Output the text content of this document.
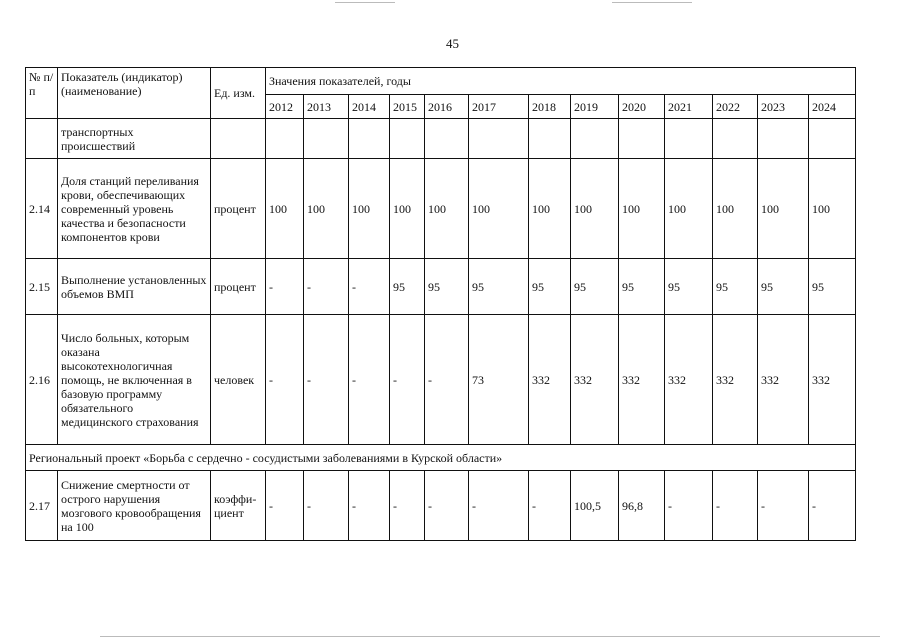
45
№ п/п	Показатель (индикатор) (наименование)	Ед. изм.	Значения показателей, годы												
			2012	2013	2014	2015	2016	2017	2018	2019	2020	2021	2022	2023	2024
	транспортных происшествий														
2.14	Доля станций переливания крови, обеспечивающих современный уровень качества и безопасности компонентов крови	процент	100	100	100	100	100	100	100	100	100	100	100	100	100
2.15	Выполнение установленных объемов ВМП	процент	-	-	-	95	95	95	95	95	95	95	95	95	95
2.16	Число больных, которым оказана высокотехнологичная помощь, не включенная в базовую программу обязательного медицинского страхования	человек	-	-	-	-	-	73	332	332	332	332	332	332	332
Региональный проект «Борьба с сердечно - сосудистыми заболеваниями в Курской области»															
2.17	Снижение смертности от острого нарушения мозгового кровообращения на 100	коэффи-циент	-	-	-	-	-	-	-	100,5	96,8	-	-	-	-
